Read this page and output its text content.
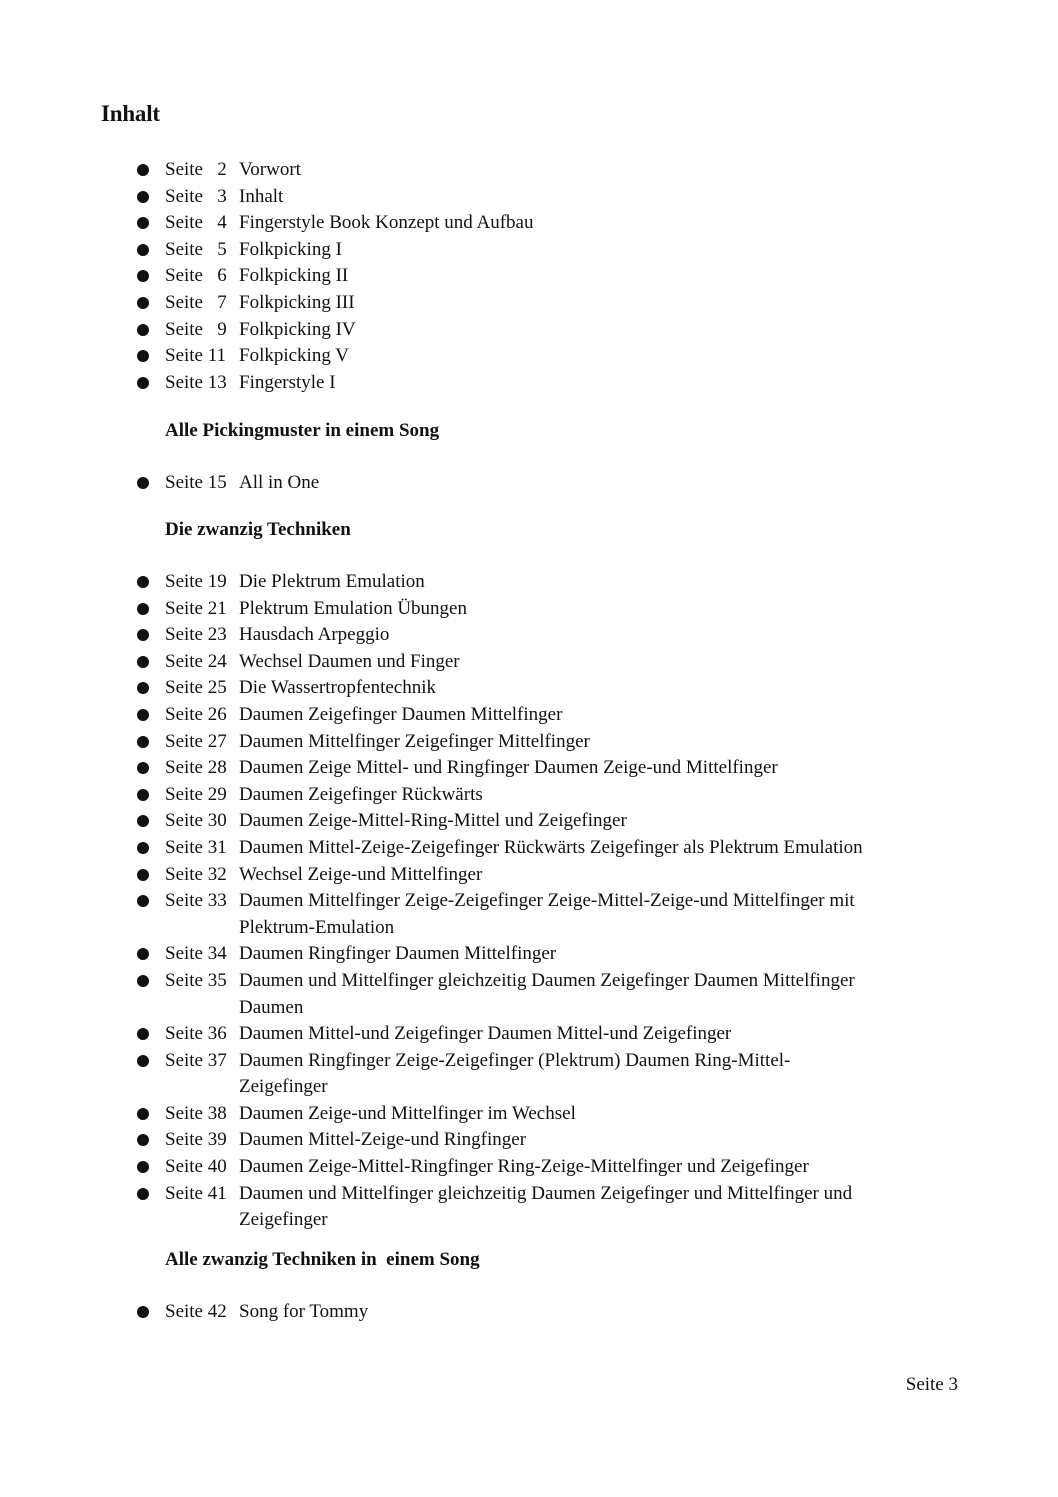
Inhalt
Seite   2 Vorwort
Seite   3 Inhalt
Seite   4 Fingerstyle Book Konzept und Aufbau
Seite   5 Folkpicking I
Seite   6 Folkpicking II
Seite   7 Folkpicking III
Seite   9 Folkpicking IV
Seite 11 Folkpicking V
Seite 13 Fingerstyle I
Alle Pickingmuster in einem Song
Seite 15 All in One
Die zwanzig Techniken
Seite 19 Die Plektrum Emulation
Seite 21 Plektrum Emulation Übungen
Seite 23 Hausdach Arpeggio
Seite 24 Wechsel Daumen und Finger
Seite 25 Die Wassertropfentechnik
Seite 26 Daumen Zeigefinger Daumen Mittelfinger
Seite 27 Daumen Mittelfinger Zeigefinger Mittelfinger
Seite 28 Daumen Zeige Mittel- und Ringfinger Daumen Zeige-und Mittelfinger
Seite 29 Daumen Zeigefinger Rückwärts
Seite 30 Daumen Zeige-Mittel-Ring-Mittel und Zeigefinger
Seite 31 Daumen Mittel-Zeige-Zeigefinger Rückwärts Zeigefinger als Plektrum Emulation
Seite 32 Wechsel Zeige-und Mittelfinger
Seite 33 Daumen Mittelfinger Zeige-Zeigefinger Zeige-Mittel-Zeige-und Mittelfinger mit
Plektrum-Emulation
Seite 34 Daumen Ringfinger Daumen Mittelfinger
Seite 35 Daumen und Mittelfinger gleichzeitig Daumen Zeigefinger Daumen Mittelfinger
Daumen
Seite 36 Daumen Mittel-und Zeigefinger Daumen Mittel-und Zeigefinger
Seite 37 Daumen Ringfinger Zeige-Zeigefinger (Plektrum) Daumen Ring-Mittel-
Zeigefinger
Seite 38 Daumen Zeige-und Mittelfinger im Wechsel
Seite 39 Daumen Mittel-Zeige-und Ringfinger
Seite 40 Daumen Zeige-Mittel-Ringfinger Ring-Zeige-Mittelfinger und Zeigefinger
Seite 41 Daumen und Mittelfinger gleichzeitig Daumen Zeigefinger und Mittelfinger und
Zeigefinger
Alle zwanzig Techniken in  einem Song
Seite 42 Song for Tommy
Seite 3
